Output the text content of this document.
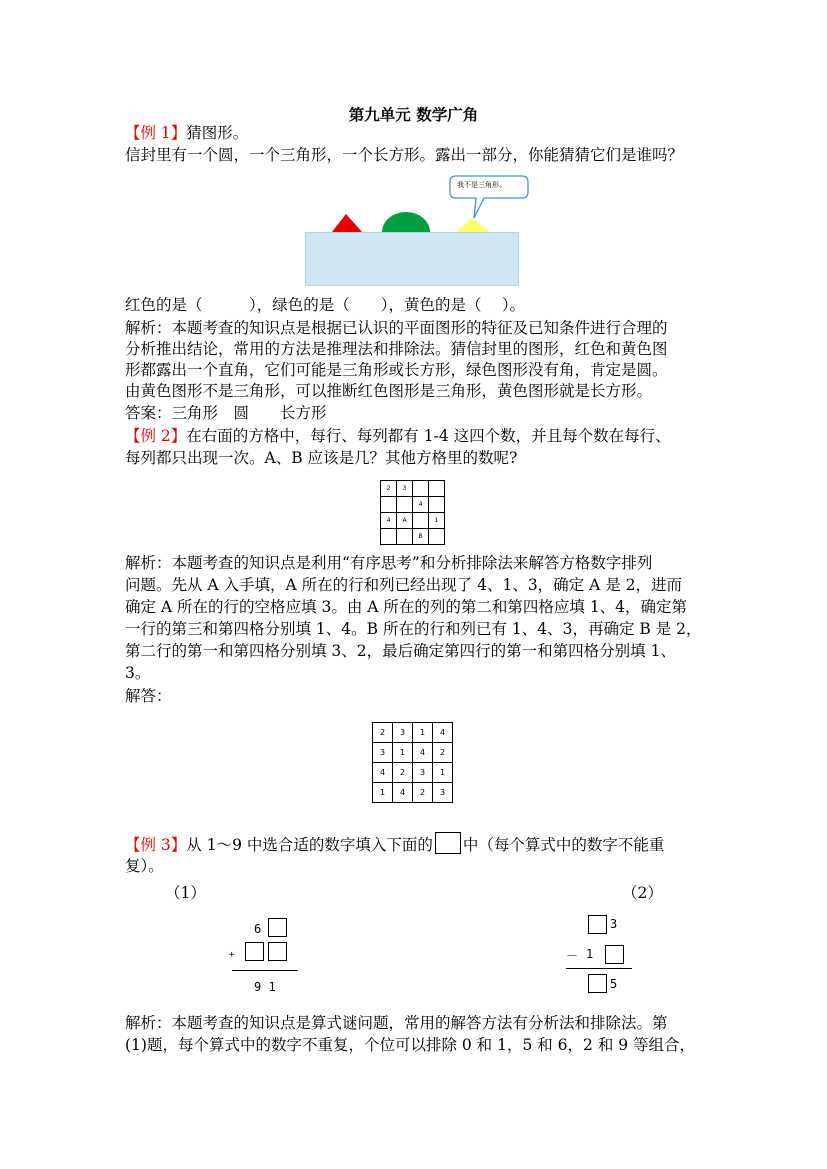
第九单元 数学广角
【例 1】猜图形。
信封里有一个圆，一个三角形，一个长方形。露出一部分，你能猜猜它们是谁吗？
我不是三角形。
红色的是（　　　），绿色的是（　　），黄色的是（　 ）。
解析：本题考查的知识点是根据已认识的平面图形的特征及已知条件进行合理的
分析推出结论，常用的方法是推理法和排除法。猜信封里的图形，红色和黄色图
形都露出一个直角，它们可能是三角形或长方形，绿色图形没有角，肯定是圆。
由黄色图形不是三角形，可以推断红色图形是三角形，黄色图形就是长方形。
答案：三角形　圆　　长方形
【例 2】在右面的方格中，每行、每列都有 1-4 这四个数，并且每个数在每行、
每列都只出现一次。A、B 应该是几？其他方格里的数呢?
2	3		
		4	
4	A		1
		B	
解析：本题考查的知识点是利用“有序思考”和分析排除法来解答方格数字排列
问题。先从 A 入手填，A 所在的行和列已经出现了 4、1、3，确定 A 是 2，进而
确定 A 所在的行的空格应填 3。由 A 所在的列的第二和第四格应填 1、4，确定第
一行的第三和第四格分别填 1、4。B 所在的行和列已有 1、4、3，再确定 B 是 2，
第二行的第一和第四格分别填 3、2，最后确定第四行的第一和第四格分别填 1、
3。
解答：
2	3	1	4
3	1	4	2
4	2	3	1
1	4	2	3
【例 3】从 1～9 中选合适的数字填入下面的 中（每个算式中的数字不能重
复）。
（1）	（2）
6
+
9 1
3
－ 1
5
解析：本题考查的知识点是算式谜问题，常用的解答方法有分析法和排除法。第
(1)题，每个算式中的数字不重复，个位可以排除 0 和 1，5 和 6，2 和 9 等组合，
